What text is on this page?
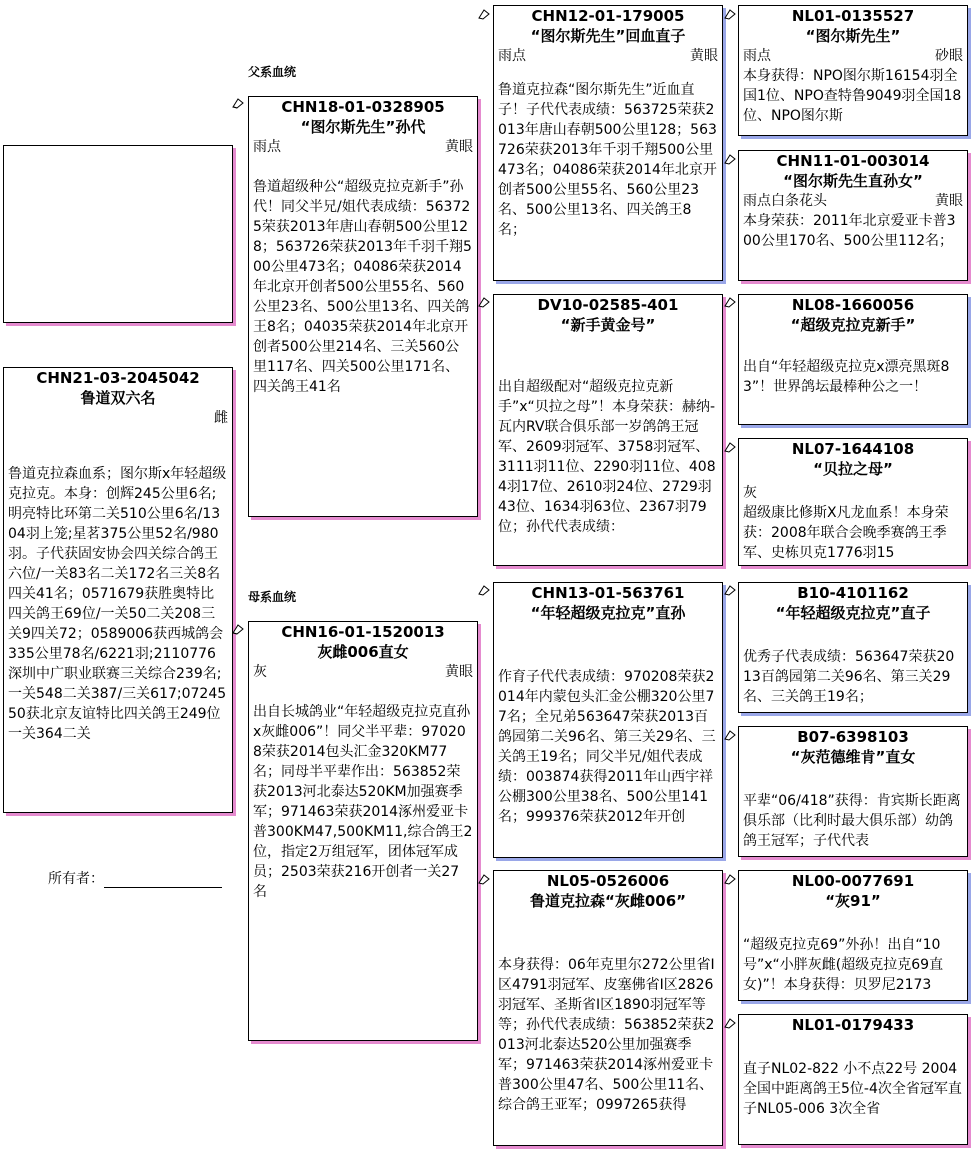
父系血统
母系血统
CHN21-03-2045042
鲁道双六名
雌
鲁道克拉森血系；图尔斯x年轻超级克拉克。本身：创辉245公里6名;明亮特比环第二关510公里6名/1304羽上笼;星茗375公里52名/980羽。子代获固安协会四关综合鸽王六位/一关83名二关172名三关8名四关41名；0571679获胜奥特比四关鸽王69位/一关50二关208三关9四关72；0589006获西城鸽会335公里78名/6221羽;2110776深圳中广职业联赛三关综合239名;一关548二关387/三关617;0724550获北京友谊特比四关鸽王249位一关364二关
所有者：
CHN18-01-0328905
“图尔斯先生”孙代
雨点	黄眼
鲁道超级种公“超级克拉克新手”孙代！同父半兄/姐代表成绩：563725荣获2013年唐山春朝500公里128；563726荣获2013年千羽千翔500公里473名；04086荣获2014年北京开创者500公里55名、560公里23名、500公里13名、四关鸽王8名；04035荣获2014年北京开创者500公里214名、三关560公里117名、四关500公里171名、四关鸽王41名
CHN16-01-1520013
灰雌006直女
灰	黄眼
出自长城鸽业“年轻超级克拉克直孙x灰雌006”！同父半平辈：970208荣获2014包头汇金320KM77名；同母半平辈作出：563852荣获2013河北泰达520KM加强赛季军；971463荣获2014涿州爱亚卡普300KM47,500KM11,综合鸽王2位，指定2万组冠军，团体冠军成员；2503荣获216开创者一关27名
CHN12-01-179005
“图尔斯先生”回血直子
雨点	黄眼
鲁道克拉森“图尔斯先生”近血直子！子代代表成绩：563725荣获2013年唐山春朝500公里128；563726荣获2013年千羽千翔500公里473名；04086荣获2014年北京开创者500公里55名、560公里23名、500公里13名、四关鸽王8名；
DV10-02585-401
“新手黄金号”
出自超级配对“超级克拉克新手”x“贝拉之母”！本身荣获：赫纳-瓦内RV联合俱乐部一岁鸽鸽王冠军、2609羽冠军、3758羽冠军、3111羽11位、2290羽11位、4084羽17位、2610羽24位、2729羽43位、1634羽63位、2367羽79位；孙代代表成绩：
CHN13-01-563761
“年轻超级克拉克”直孙
作育子代代表成绩：970208荣获2014年内蒙包头汇金公棚320公里77名；全兄弟563647荣获2013百鸽园第二关96名、第三关29名、三关鸽王19名；同父半兄/姐代表成绩：003874获得2011年山西宇祥公棚300公里38名、500公里141名；999376荣获2012年开创
NL05-0526006
鲁道克拉森“灰雌006”
本身获得：06年克里尔272公里省I区4791羽冠军、皮塞佛省I区2826羽冠军、圣斯省I区1890羽冠军等等；孙代代表成绩：563852荣获2013河北泰达520公里加强赛季军；971463荣获2014涿州爱亚卡普300公里47名、500公里11名、综合鸽王亚军；0997265获得
NL01-0135527
“图尔斯先生”
雨点	砂眼
本身获得：NPO图尔斯16154羽全国1位、NPO查特鲁9049羽全国18位、NPO图尔斯
CHN11-01-003014
“图尔斯先生直孙女”
雨点白条花头	黄眼
本身荣获：2011年北京爱亚卡普300公里170名、500公里112名；
NL08-1660056
“超级克拉克新手”
出自“年轻超级克拉克x漂亮黑斑83”！世界鸽坛最棒种公之一！
NL07-1644108
“贝拉之母”
灰
超级康比修斯X凡龙血系！本身荣获：2008年联合会晚季赛鸽王季军、史栋贝克1776羽15
B10-4101162
“年轻超级克拉克”直子
优秀子代表成绩：563647荣获2013百鸽园第二关96名、第三关29名、三关鸽王19名；
B07-6398103
“灰范德维肯”直女
平辈“06/418”获得：肯宾斯长距离俱乐部（比利时最大俱乐部）幼鸽鸽王冠军；子代代表
NL00-0077691
“灰91”
“超级克拉克69”外孙！出自“10号”x“小胖灰雌(超级克拉克69直女)”！本身获得：贝罗尼2173
NL01-0179433
直子NL02-822 小不点22号 2004全国中距离鸽王5位-4次全省冠军直子NL05-006 3次全省
